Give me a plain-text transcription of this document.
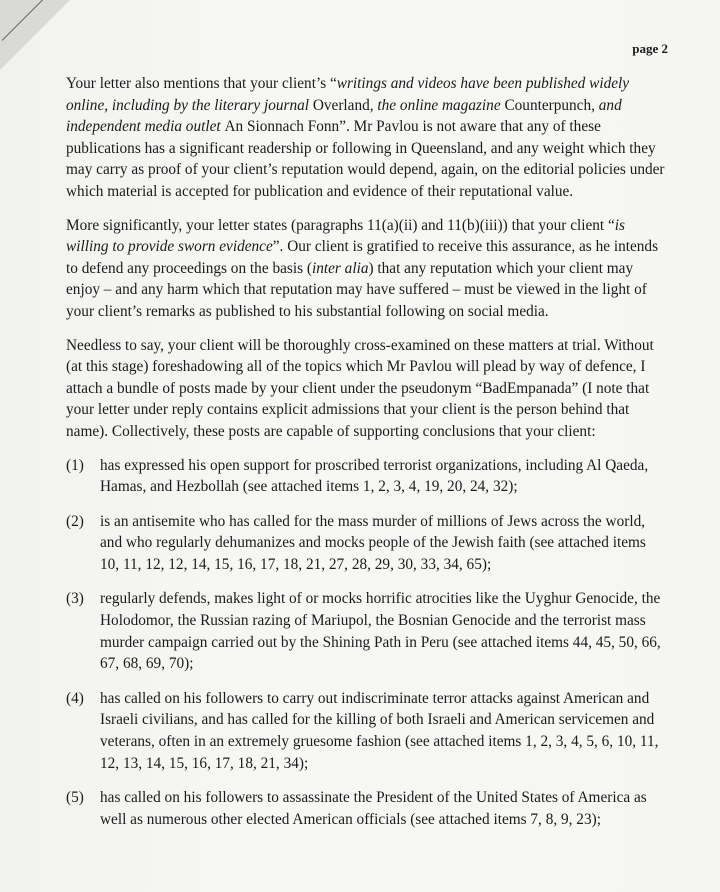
page 2

Your letter also mentions that your client’s “writings and videos have been published widely online, including by the literary journal Overland, the online magazine Counterpunch, and independent media outlet An Sionnach Fonn”. Mr Pavlou is not aware that any of these publications has a significant readership or following in Queensland, and any weight which they may carry as proof of your client’s reputation would depend, again, on the editorial policies under which material is accepted for publication and evidence of their reputational value.

More significantly, your letter states (paragraphs 11(a)(ii) and 11(b)(iii)) that your client “is willing to provide sworn evidence”. Our client is gratified to receive this assurance, as he intends to defend any proceedings on the basis (inter alia) that any reputation which your client may enjoy – and any harm which that reputation may have suffered – must be viewed in the light of your client’s remarks as published to his substantial following on social media.

Needless to say, your client will be thoroughly cross-examined on these matters at trial. Without (at this stage) foreshadowing all of the topics which Mr Pavlou will plead by way of defence, I attach a bundle of posts made by your client under the pseudonym “BadEmpanada” (I note that your letter under reply contains explicit admissions that your client is the person behind that name). Collectively, these posts are capable of supporting conclusions that your client:

(1)	has expressed his open support for proscribed terrorist organizations, including Al Qaeda, Hamas, and Hezbollah (see attached items 1, 2, 3, 4, 19, 20, 24, 32);
(2)	is an antisemite who has called for the mass murder of millions of Jews across the world, and who regularly dehumanizes and mocks people of the Jewish faith (see attached items 10, 11, 12, 12, 14, 15, 16, 17, 18, 21, 27, 28, 29, 30, 33, 34, 65);
(3)	regularly defends, makes light of or mocks horrific atrocities like the Uyghur Genocide, the Holodomor, the Russian razing of Mariupol, the Bosnian Genocide and the terrorist mass murder campaign carried out by the Shining Path in Peru (see attached items 44, 45, 50, 66, 67, 68, 69, 70);
(4)	has called on his followers to carry out indiscriminate terror attacks against American and Israeli civilians, and has called for the killing of both Israeli and American servicemen and veterans, often in an extremely gruesome fashion (see attached items 1, 2, 3, 4, 5, 6, 10, 11, 12, 13, 14, 15, 16, 17, 18, 21, 34);
(5)	has called on his followers to assassinate the President of the United States of America as well as numerous other elected American officials (see attached items 7, 8, 9, 23);
